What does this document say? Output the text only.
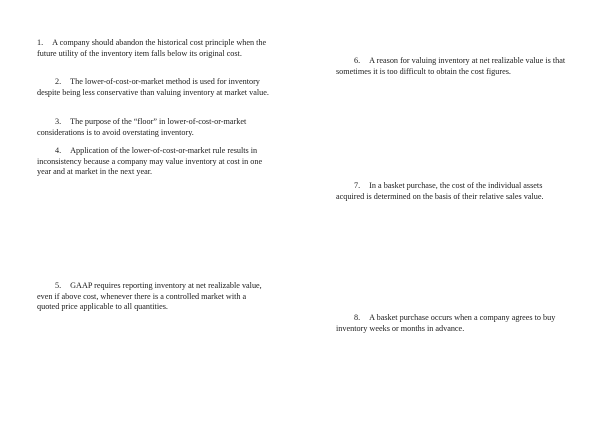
1. A company should abandon the historical cost principle when the future utility of the inventory item falls below its original cost.

2. The lower-of-cost-or-market method is used for inventory despite being less conservative than valuing inventory at market value.

3. The purpose of the “floor” in lower-of-cost-or-market considerations is to avoid overstating inventory.

4. Application of the lower-of-cost-or-market rule results in inconsistency because a company may value inventory at cost in one year and at market in the next year.

5. GAAP requires reporting inventory at net realizable value, even if above cost, whenever there is a controlled market with a quoted price applicable to all quantities.

6. A reason for valuing inventory at net realizable value is that sometimes it is too difficult to obtain the cost figures.

7. In a basket purchase, the cost of the individual assets acquired is determined on the basis of their relative sales value.

8. A basket purchase occurs when a company agrees to buy inventory weeks or months in advance.
